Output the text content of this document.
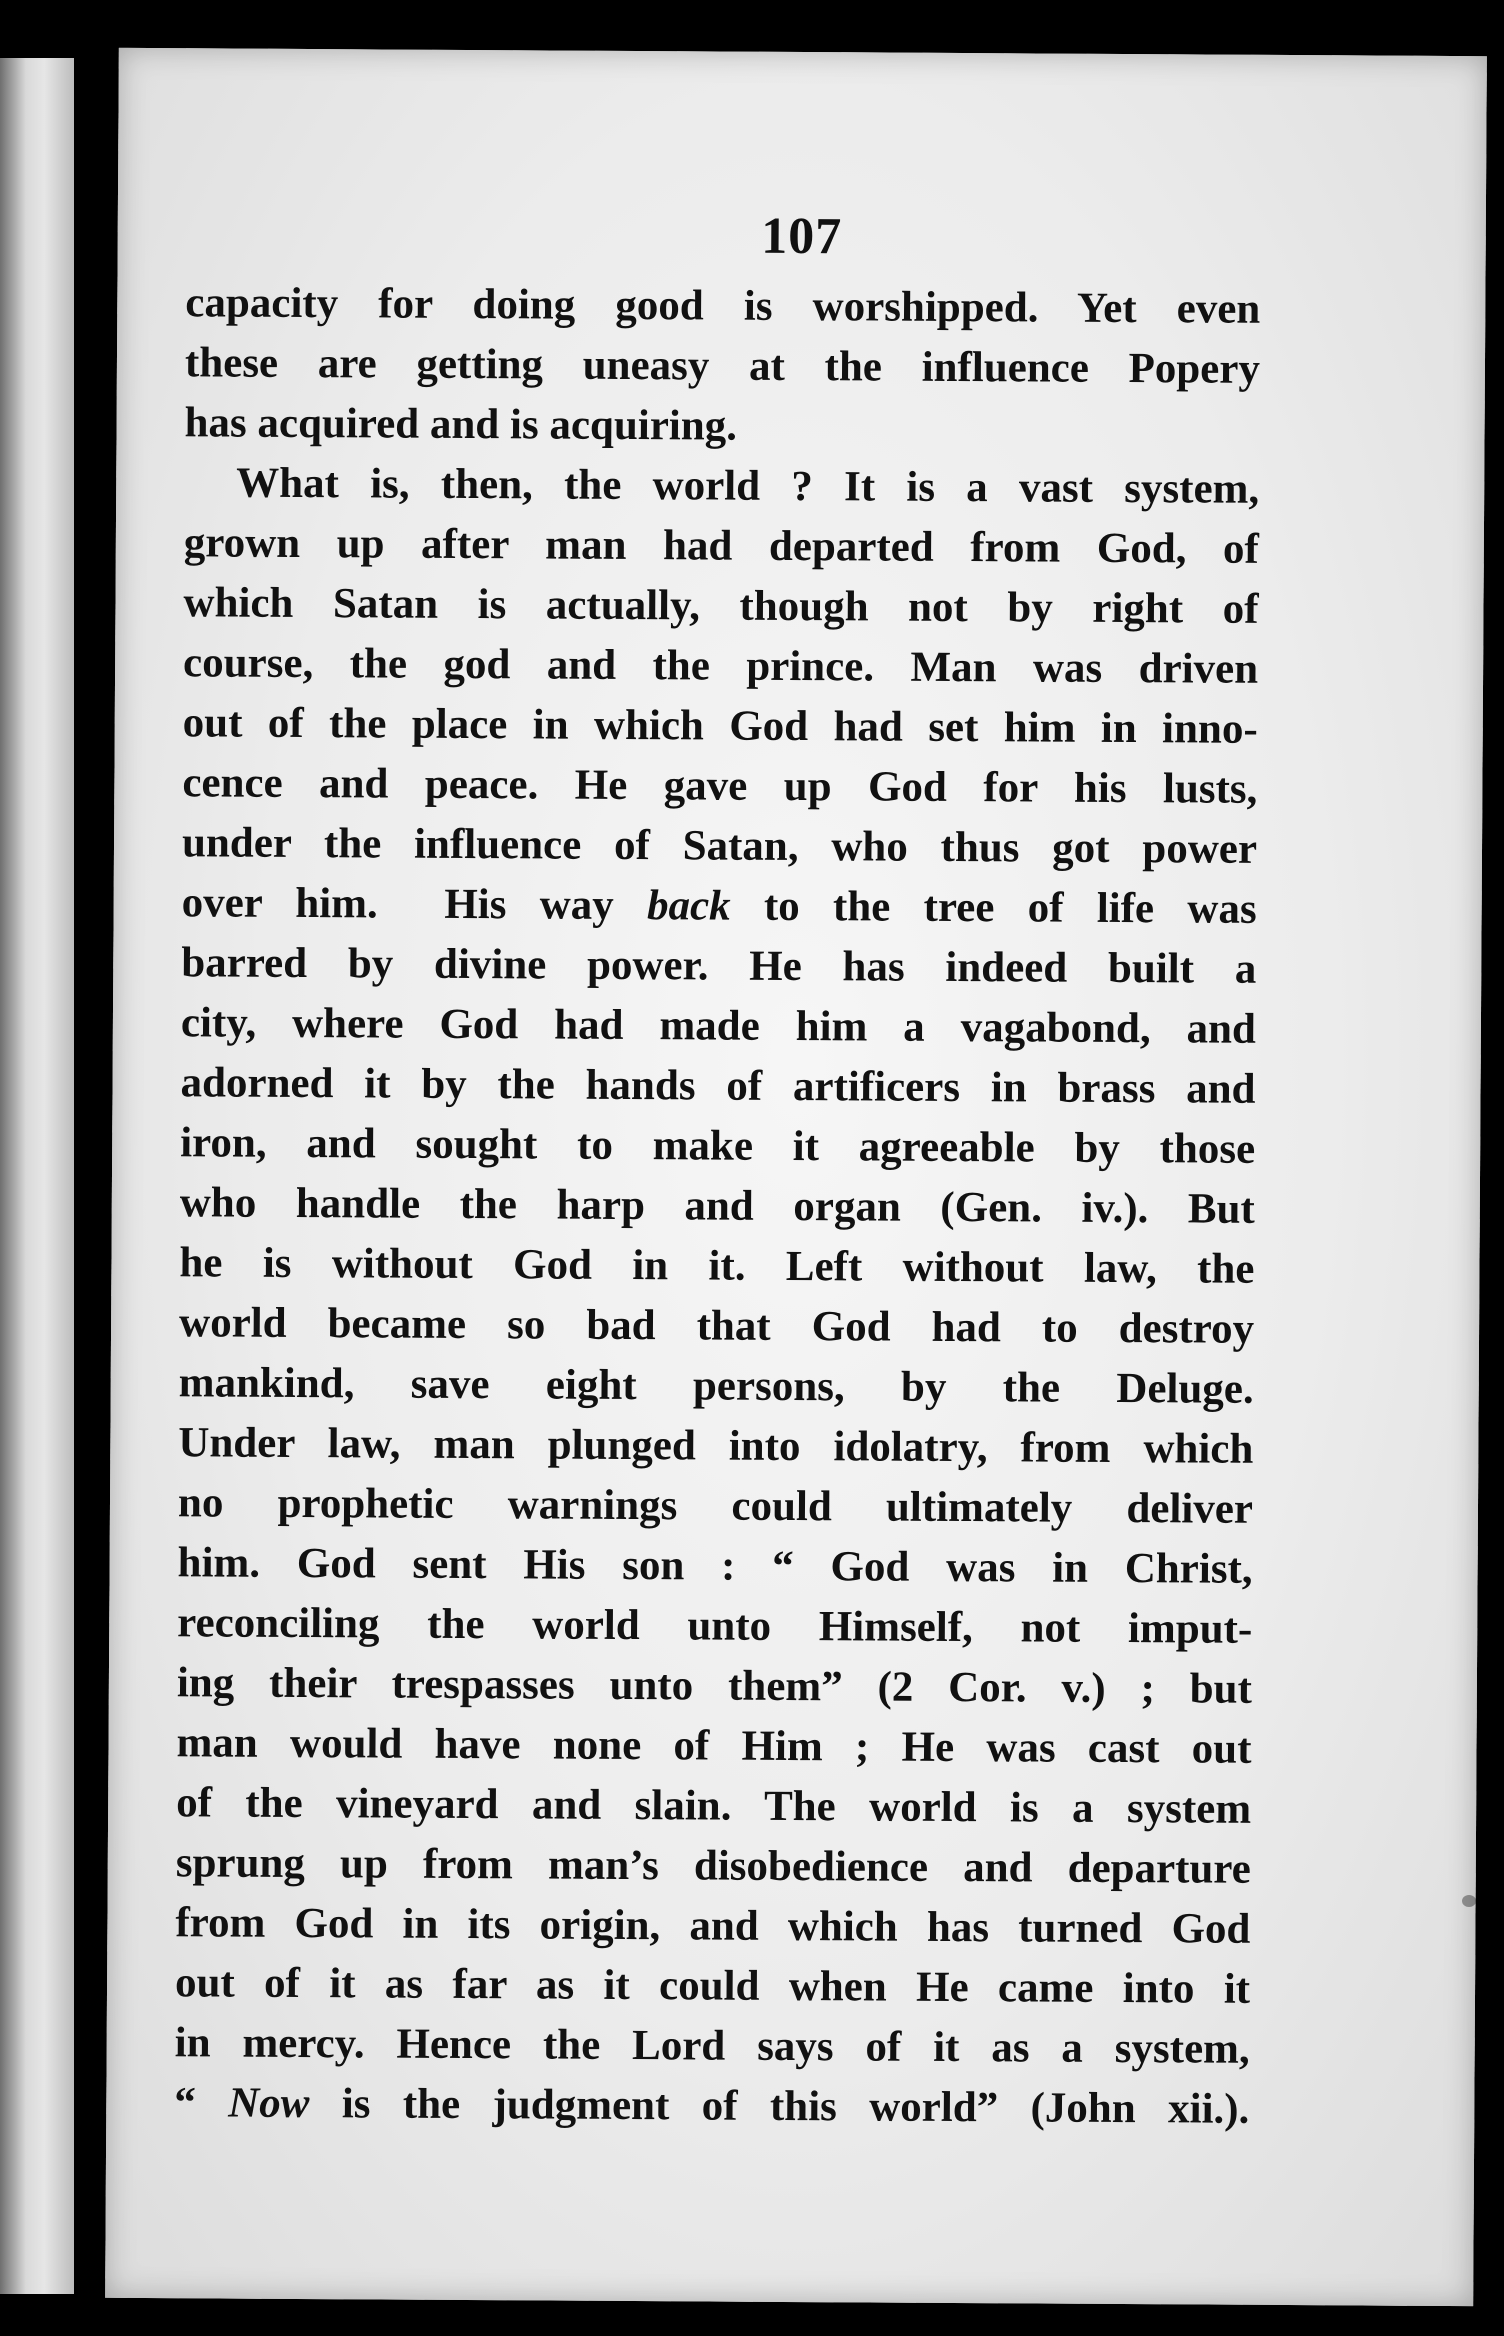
107
capacity for doing good is worshipped. Yet even
these are getting uneasy at the influence Popery
has acquired and is acquiring.
What is, then, the world ? It is a vast system,
grown up after man had departed from God, of
which Satan is actually, though not by right of
course, the god and the prince. Man was driven
out of the place in which God had set him in inno-
cence and peace. He gave up God for his lusts,
under the influence of Satan, who thus got power
over him.  His way back to the tree of life was
barred by divine power. He has indeed built a
city, where God had made him a vagabond, and
adorned it by the hands of artificers in brass and
iron, and sought to make it agreeable by those
who handle the harp and organ (Gen. iv.). But
he is without God in it. Left without law, the
world became so bad that God had to destroy
mankind, save eight persons, by the Deluge.
Under law, man plunged into idolatry, from which
no prophetic warnings could ultimately deliver
him. God sent His son : “ God was in Christ,
reconciling the world unto Himself, not imput-
ing their trespasses unto them” (2 Cor. v.) ; but
man would have none of Him ; He was cast out
of the vineyard and slain. The world is a system
sprung up from man’s disobedience and departure
from God in its origin, and which has turned God
out of it as far as it could when He came into it
in mercy. Hence the Lord says of it as a system,
“ Now is the judgment of this world” (John xii.).
